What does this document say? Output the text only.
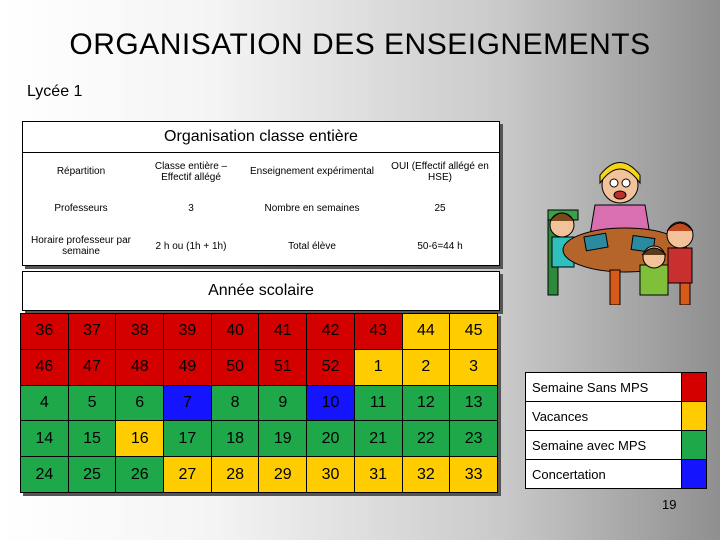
ORGANISATION DES ENSEIGNEMENTS
Lycée 1
Organisation classe entière
Répartition	Classe entière – Effectif allégé	Enseignement expérimental	OUI (Effectif allégé en HSE)
Professeurs	3	Nombre en semaines	25
Horaire professeur par semaine	2 h ou (1h + 1h)	Total élève	50-6=44 h
Année scolaire
36	37	38	39	40	41	42	43	44	45
46	47	48	49	50	51	52	1	2	3
4	5	6	7	8	9	10	11	12	13
14	15	16	17	18	19	20	21	22	23
24	25	26	27	28	29	30	31	32	33
Semaine Sans MPS	
Vacances	
Semaine avec MPS	
Concertation	
19
